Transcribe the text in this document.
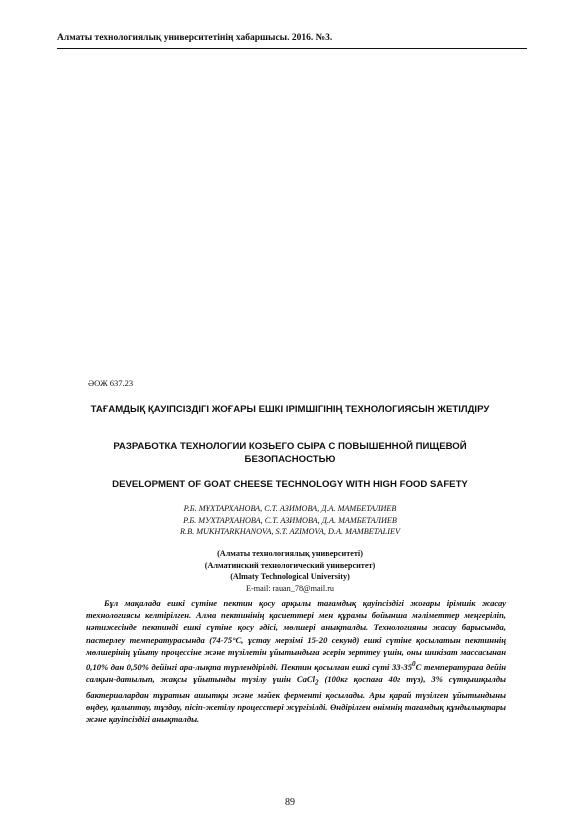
Алматы технологиялық университетінің хабаршысы. 2016. №3.
ӘОЖ 637.23
ТАҒАМДЫҚ ҚАУІПСІЗДІГІ ЖОҒАРЫ ЕШКІ ІРІМШІГІНІҢ ТЕХНОЛОГИЯСЫН ЖЕТІЛДІРУ
РАЗРАБОТКА ТЕХНОЛОГИИ КОЗЬЕГО СЫРА С ПОВЫШЕННОЙ ПИЩЕВОЙ БЕЗОПАСНОСТЬЮ
DEVELOPMENT OF GOAT CHEESE TECHNOLOGY WITH HIGH FOOD SAFETY
Р.Б. МҰХТАРХАНОВА, С.Т. АЗИМОВА, Д.А. МАМБЕТАЛИЕВ
Р.Б. МУХТАРХАНОВА, С.Т. АЗИМОВА, Д.А. МАМБЕТАЛИЕВ
R.B. MUKHTARKHANOVA, S.T. AZIMOVA, D.A. MAMBETALIEV
(Алматы технологиялық университеті)
(Алматинский технологический университет)
(Almaty Technological University)
E-mail: rauan_78@mail.ru

Бұл мақалада ешкі сүтіне пектин қосу арқылы тағамдық қауіпсіздігі жоғары ірімшік жасау технологиясы келтірілген. Алма пектинінің қасиеттері мен құрамы бойынша мәліметтер меңгеріліп, нәтижесінде пектинді ешкі сүтіне қосу әдісі, мөлшері анықталды. Технологияны жасау барысында, пастерлеу температурасында (74-75°С, ұстау мерзімі 15-20 секунд) ешкі сүтіне қосылатын пектиннің мөлшерінің ұйыту процессіне және түзілетін ұйытындыға әсерін зерттеу үшін, оны шикізат массасынан 0,10% дан 0,50% дейінгі ара-лықта түрлендірілді. Пектин қосылған ешкі сүті $33-35^0С$ температураға дейін салқын-датылып, жақсы ұйытынды түзілу үшін CaCl$_2$ (100кг қоспаға 40г түз), 3% сүтқышқылды бактериалардан тұратын ашытқы және мәйек ферменті қосылады. Ары қарай түзілген ұйытындыны өңдеу, қалыптау, тұздау, пісіп-жетілу процесстері жүргізілді. Өндірілген өнімнің тағамдық құндылықтары және қауіпсіздігі анықталды.

89
